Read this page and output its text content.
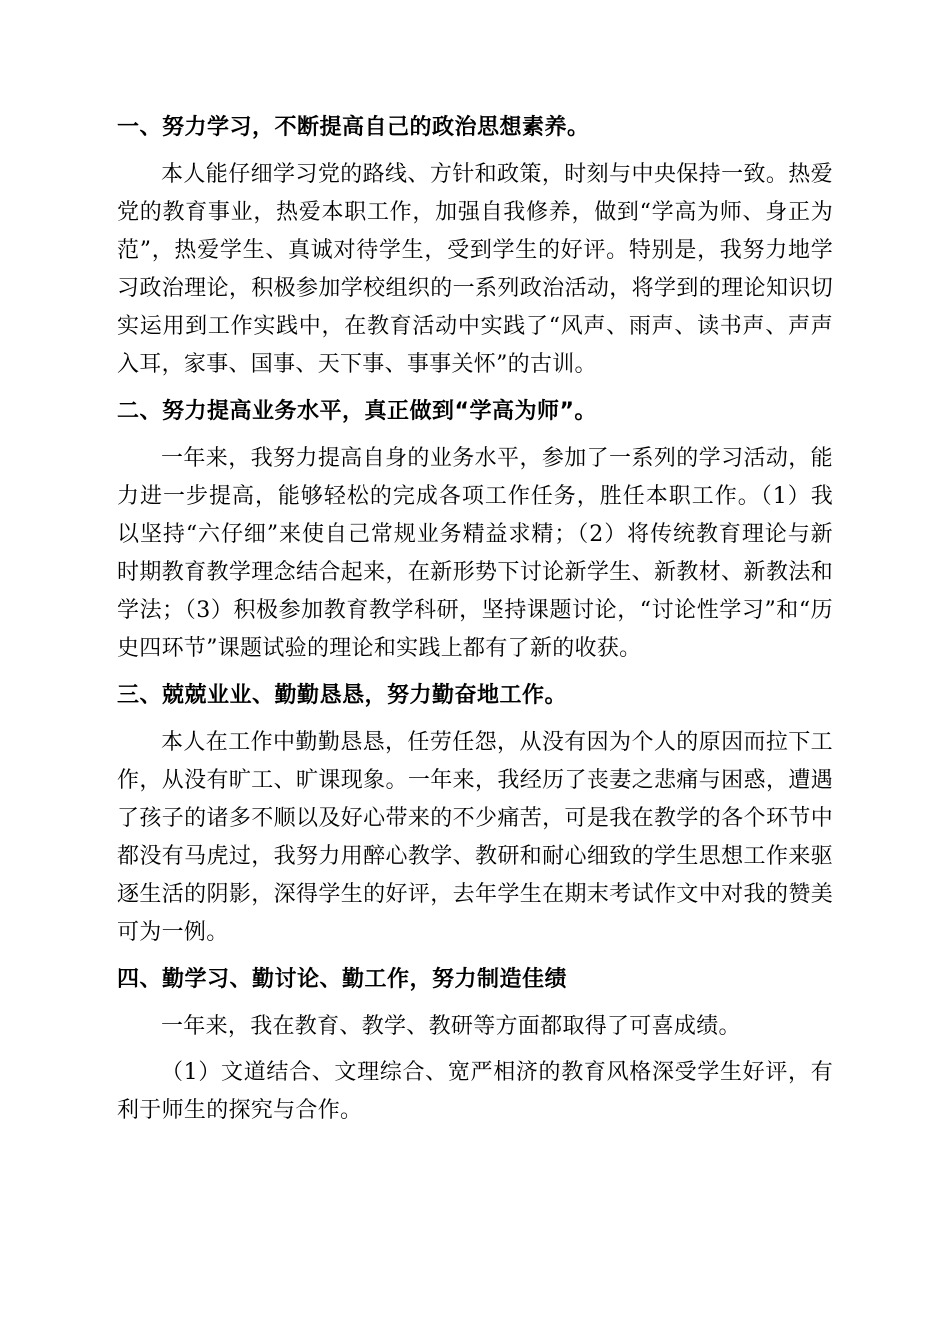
一、努力学习，不断提高自己的政治思想素养。

本人能仔细学习党的路线、方针和政策，时刻与中央保持一致。热爱党的教育事业，热爱本职工作，加强自我修养，做到“学高为师、身正为范”，热爱学生、真诚对待学生，受到学生的好评。特别是，我努力地学习政治理论，积极参加学校组织的一系列政治活动，将学到的理论知识切实运用到工作实践中，在教育活动中实践了“风声、雨声、读书声、声声入耳，家事、国事、天下事、事事关怀”的古训。

二、努力提高业务水平，真正做到“学高为师”。

一年来，我努力提高自身的业务水平，参加了一系列的学习活动，能力进一步提高，能够轻松的完成各项工作任务，胜任本职工作。（1）我以坚持“六仔细”来使自己常规业务精益求精；（2）将传统教育理论与新时期教育教学理念结合起来，在新形势下讨论新学生、新教材、新教法和学法；（3）积极参加教育教学科研，坚持课题讨论，“讨论性学习”和“历史四环节”课题试验的理论和实践上都有了新的收获。

三、兢兢业业、勤勤恳恳，努力勤奋地工作。

本人在工作中勤勤恳恳，任劳任怨，从没有因为个人的原因而拉下工作，从没有旷工、旷课现象。一年来，我经历了丧妻之悲痛与困惑，遭遇了孩子的诸多不顺以及好心带来的不少痛苦，可是我在教学的各个环节中都没有马虎过，我努力用醉心教学、教研和耐心细致的学生思想工作来驱逐生活的阴影，深得学生的好评，去年学生在期末考试作文中对我的赞美可为一例。

四、勤学习、勤讨论、勤工作，努力制造佳绩

一年来，我在教育、教学、教研等方面都取得了可喜成绩。

（1）文道结合、文理综合、宽严相济的教育风格深受学生好评，有利于师生的探究与合作。
